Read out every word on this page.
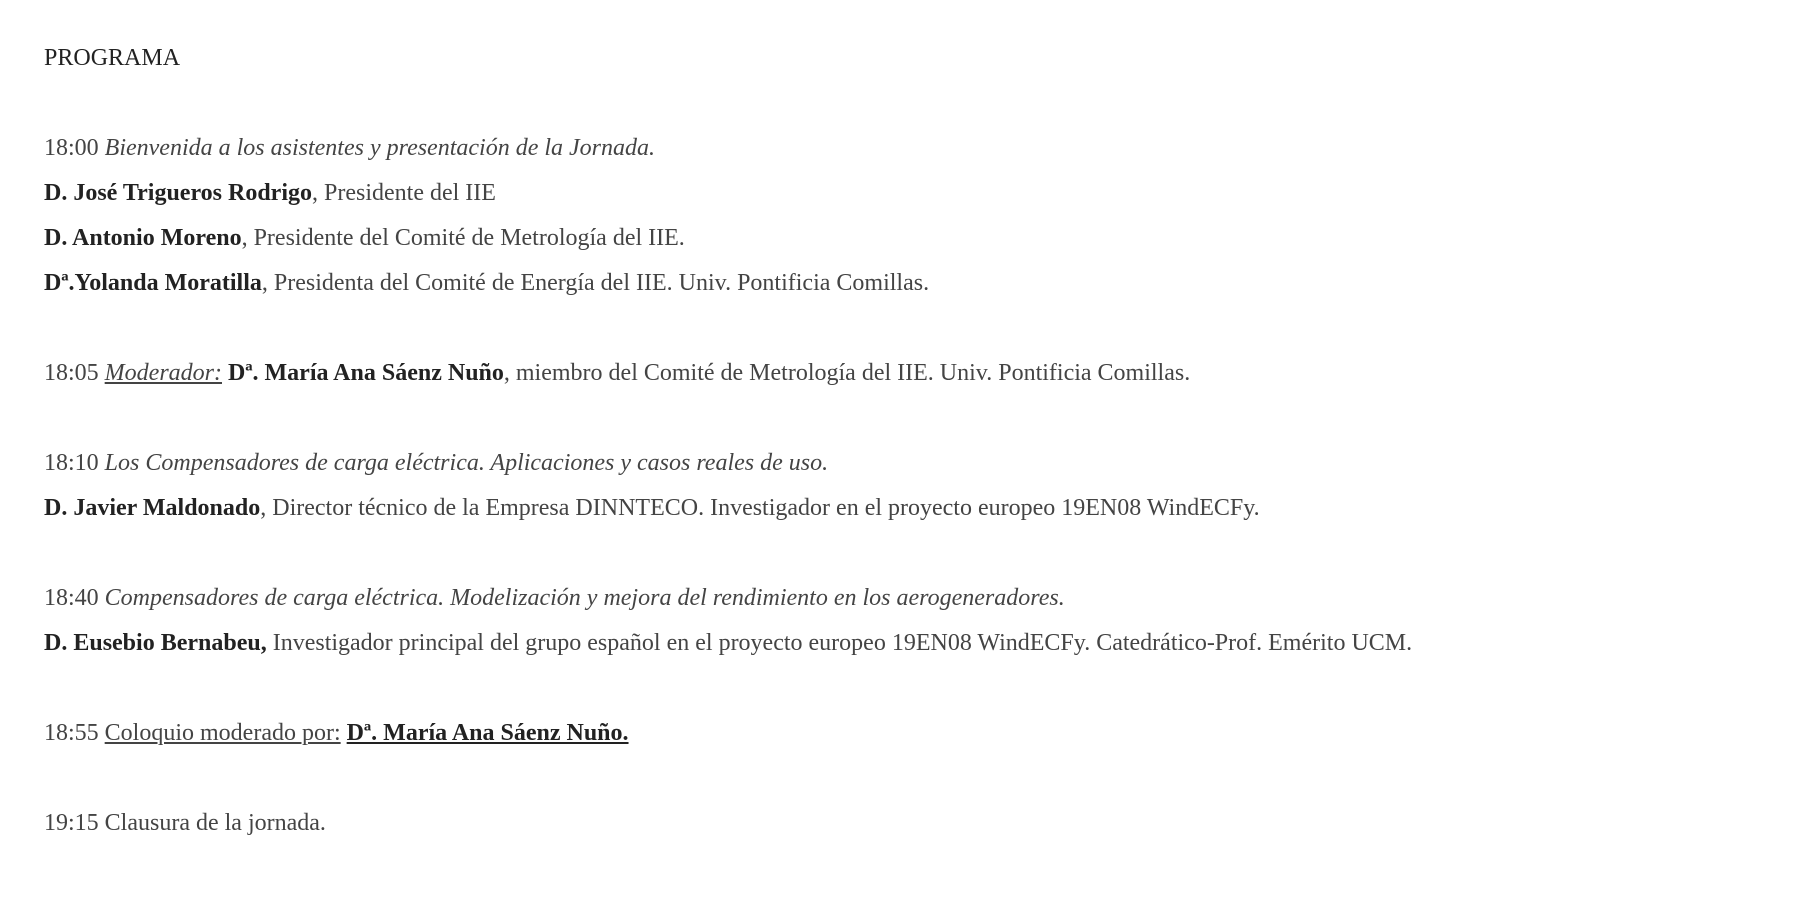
PROGRAMA
18:00 Bienvenida a los asistentes y presentación de la Jornada.
D. José Trigueros Rodrigo, Presidente del IIE
D. Antonio Moreno, Presidente del Comité de Metrología del IIE.
Dª.Yolanda Moratilla, Presidenta del Comité de Energía del IIE. Univ. Pontificia Comillas.
18:05 Moderador: Dª. María Ana Sáenz Nuño, miembro del Comité de Metrología del IIE. Univ. Pontificia Comillas.
18:10 Los Compensadores de carga eléctrica. Aplicaciones y casos reales de uso.
D. Javier Maldonado, Director técnico de la Empresa DINNTECO. Investigador en el proyecto europeo 19EN08 WindECFy.
18:40 Compensadores de carga eléctrica. Modelización y mejora del rendimiento en los aerogeneradores.
D. Eusebio Bernabeu, Investigador principal del grupo español en el proyecto europeo 19EN08 WindECFy. Catedrático-Prof. Emérito UCM.
18:55 Coloquio moderado por: Dª. María Ana Sáenz Nuño.
19:15 Clausura de la jornada.
